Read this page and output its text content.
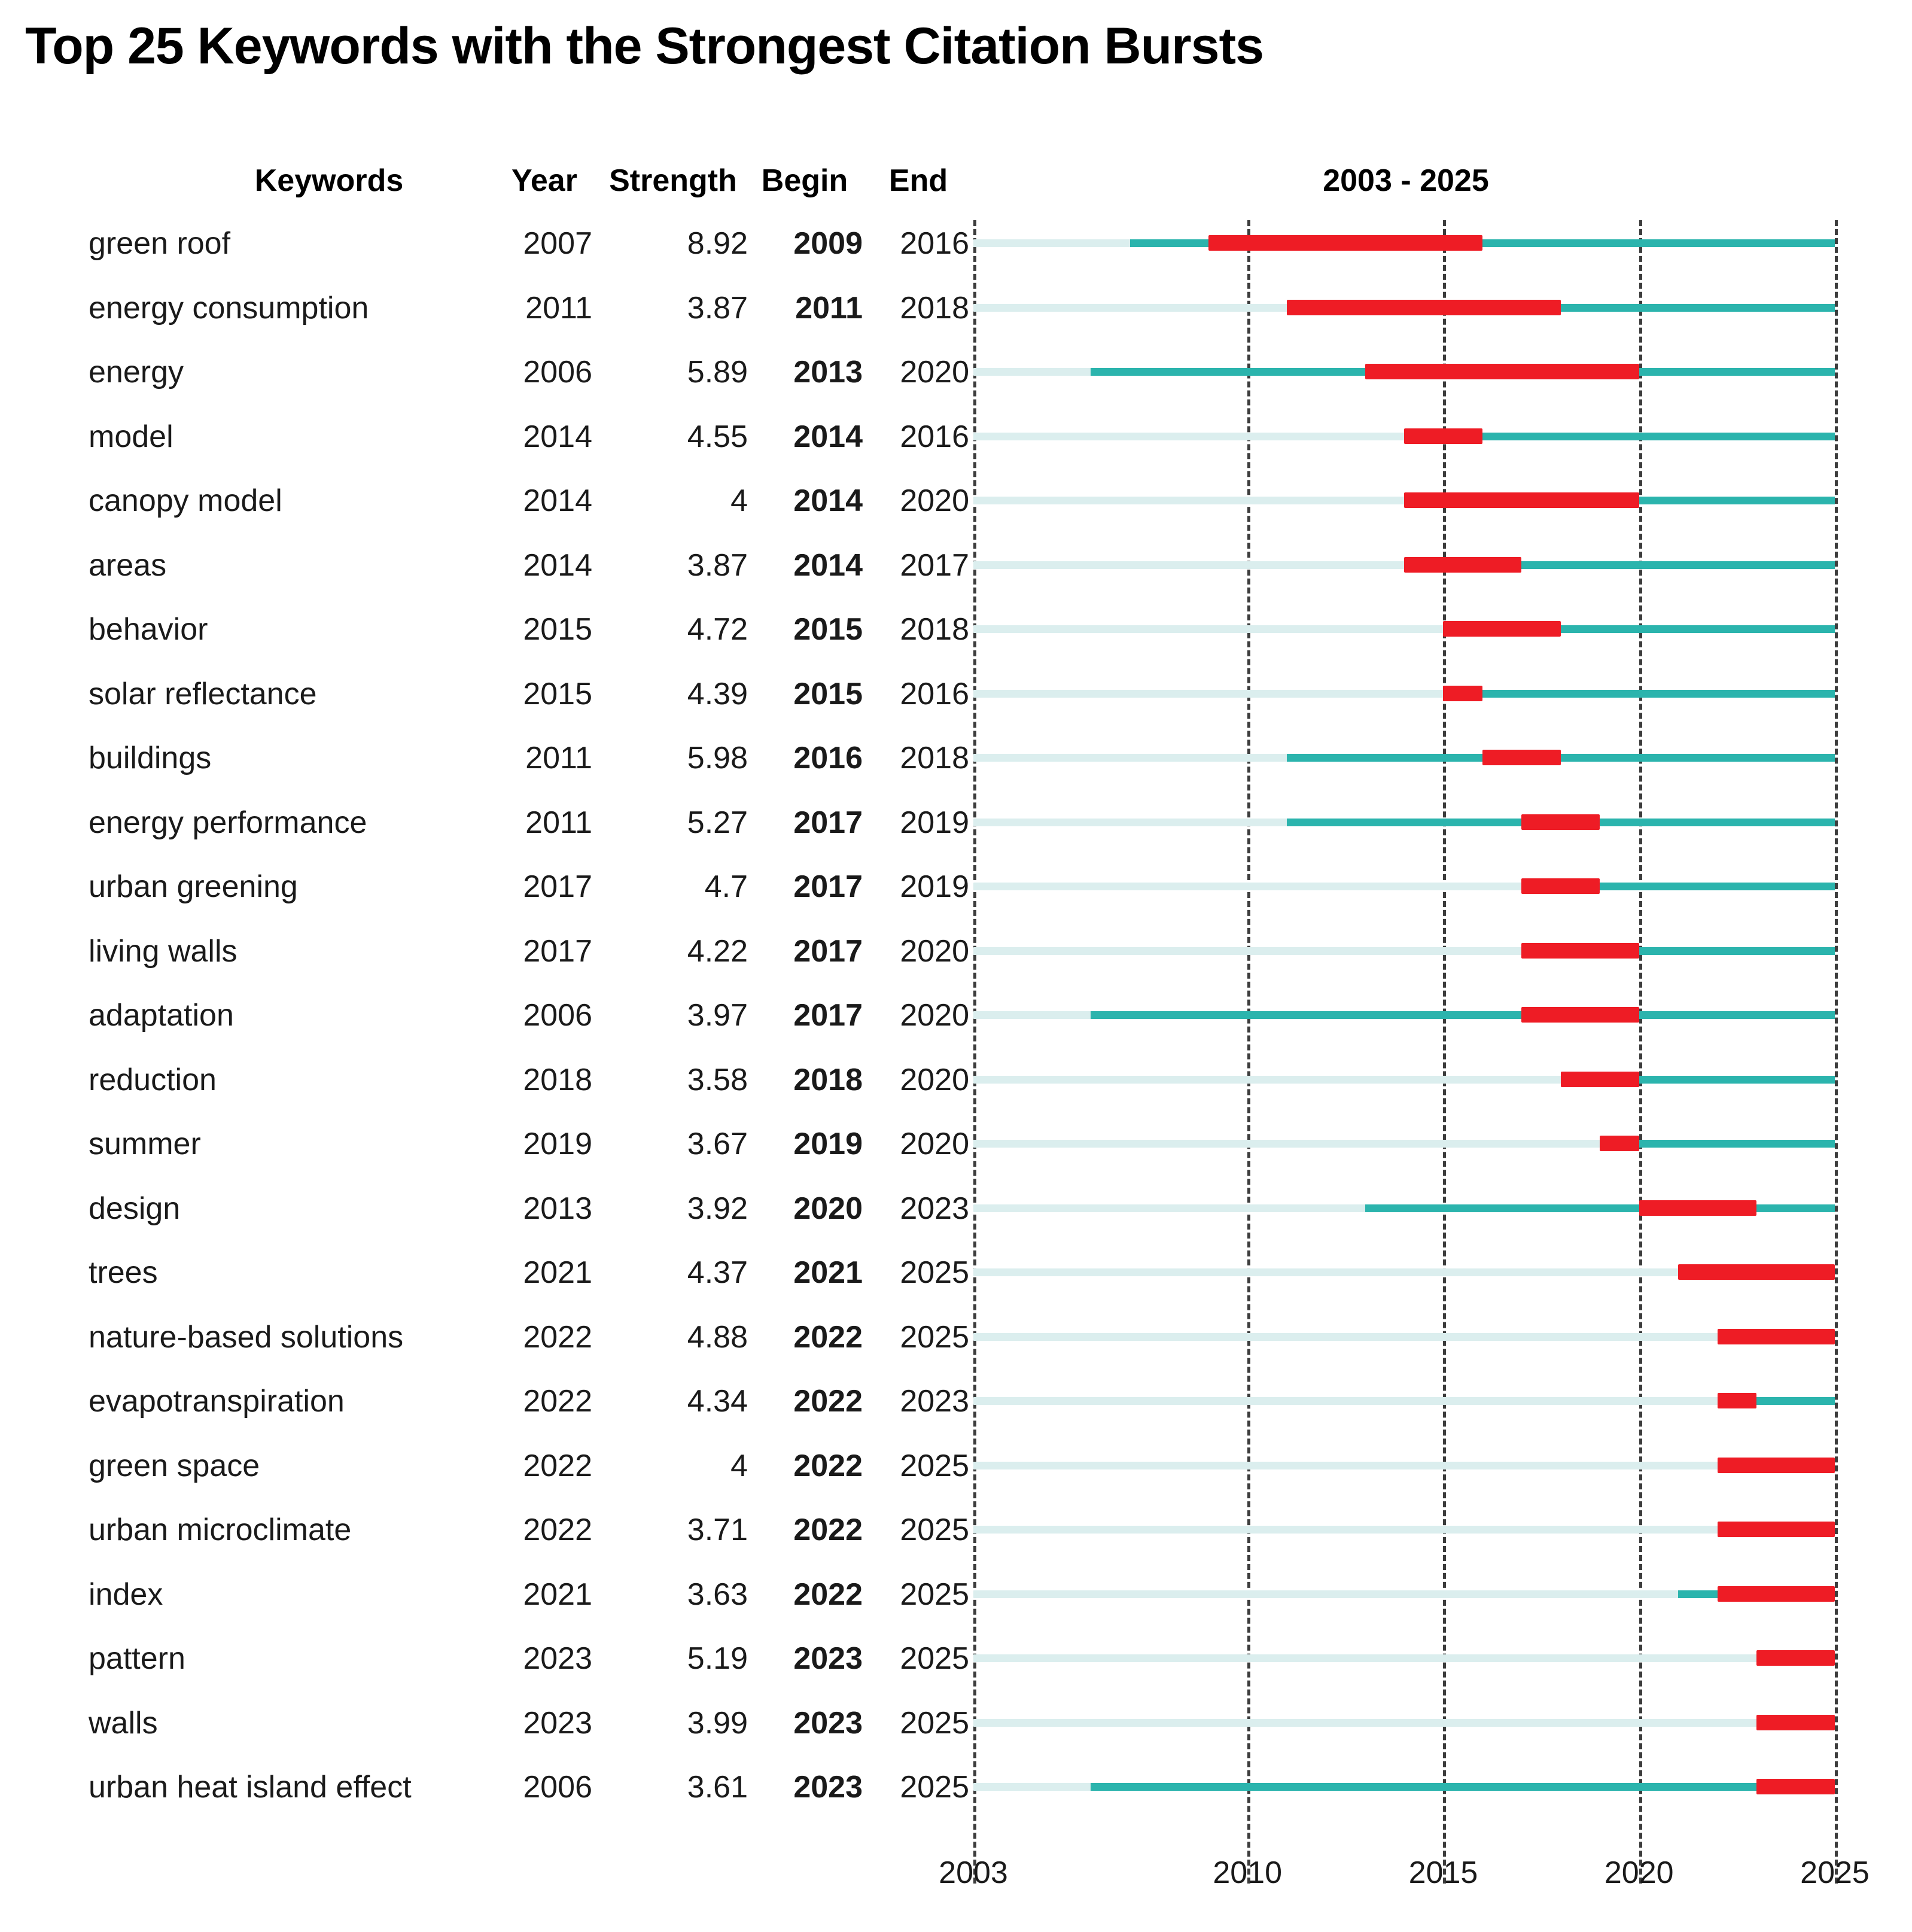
Top 25 Keywords with the Strongest Citation Bursts
Keywords	Year	Strength Begin	End	2003 - 2025
green roof	2007	8.92	2009	2016
energy consumption	2011	3.87	2011	2018
energy	2006	5.89	2013	2020
model	2014	4.55	2014	2016
canopy model	2014	4	2014	2020
areas	2014	3.87	2014	2017
behavior	2015	4.72	2015	2018
solar reflectance	2015	4.39	2015	2016
buildings	2011	5.98	2016	2018
energy performance	2011	5.27	2017	2019
urban greening	2017	4.7	2017	2019
living walls	2017	4.22	2017	2020
adaptation	2006	3.97	2017	2020
reduction	2018	3.58	2018	2020
summer	2019	3.67	2019	2020
design	2013	3.92	2020	2023
trees	2021	4.37	2021	2025
nature-based solutions	2022	4.88	2022	2025
evapotranspiration	2022	4.34	2022	2023
green space	2022	4	2022	2025
urban microclimate	2022	3.71	2022	2025
index	2021	3.63	2022	2025
pattern	2023	5.19	2023	2025
walls	2023	3.99	2023	2025
urban heat island effect	2006	3.61	2023	2025
2003	2010	2015	2020	2025
